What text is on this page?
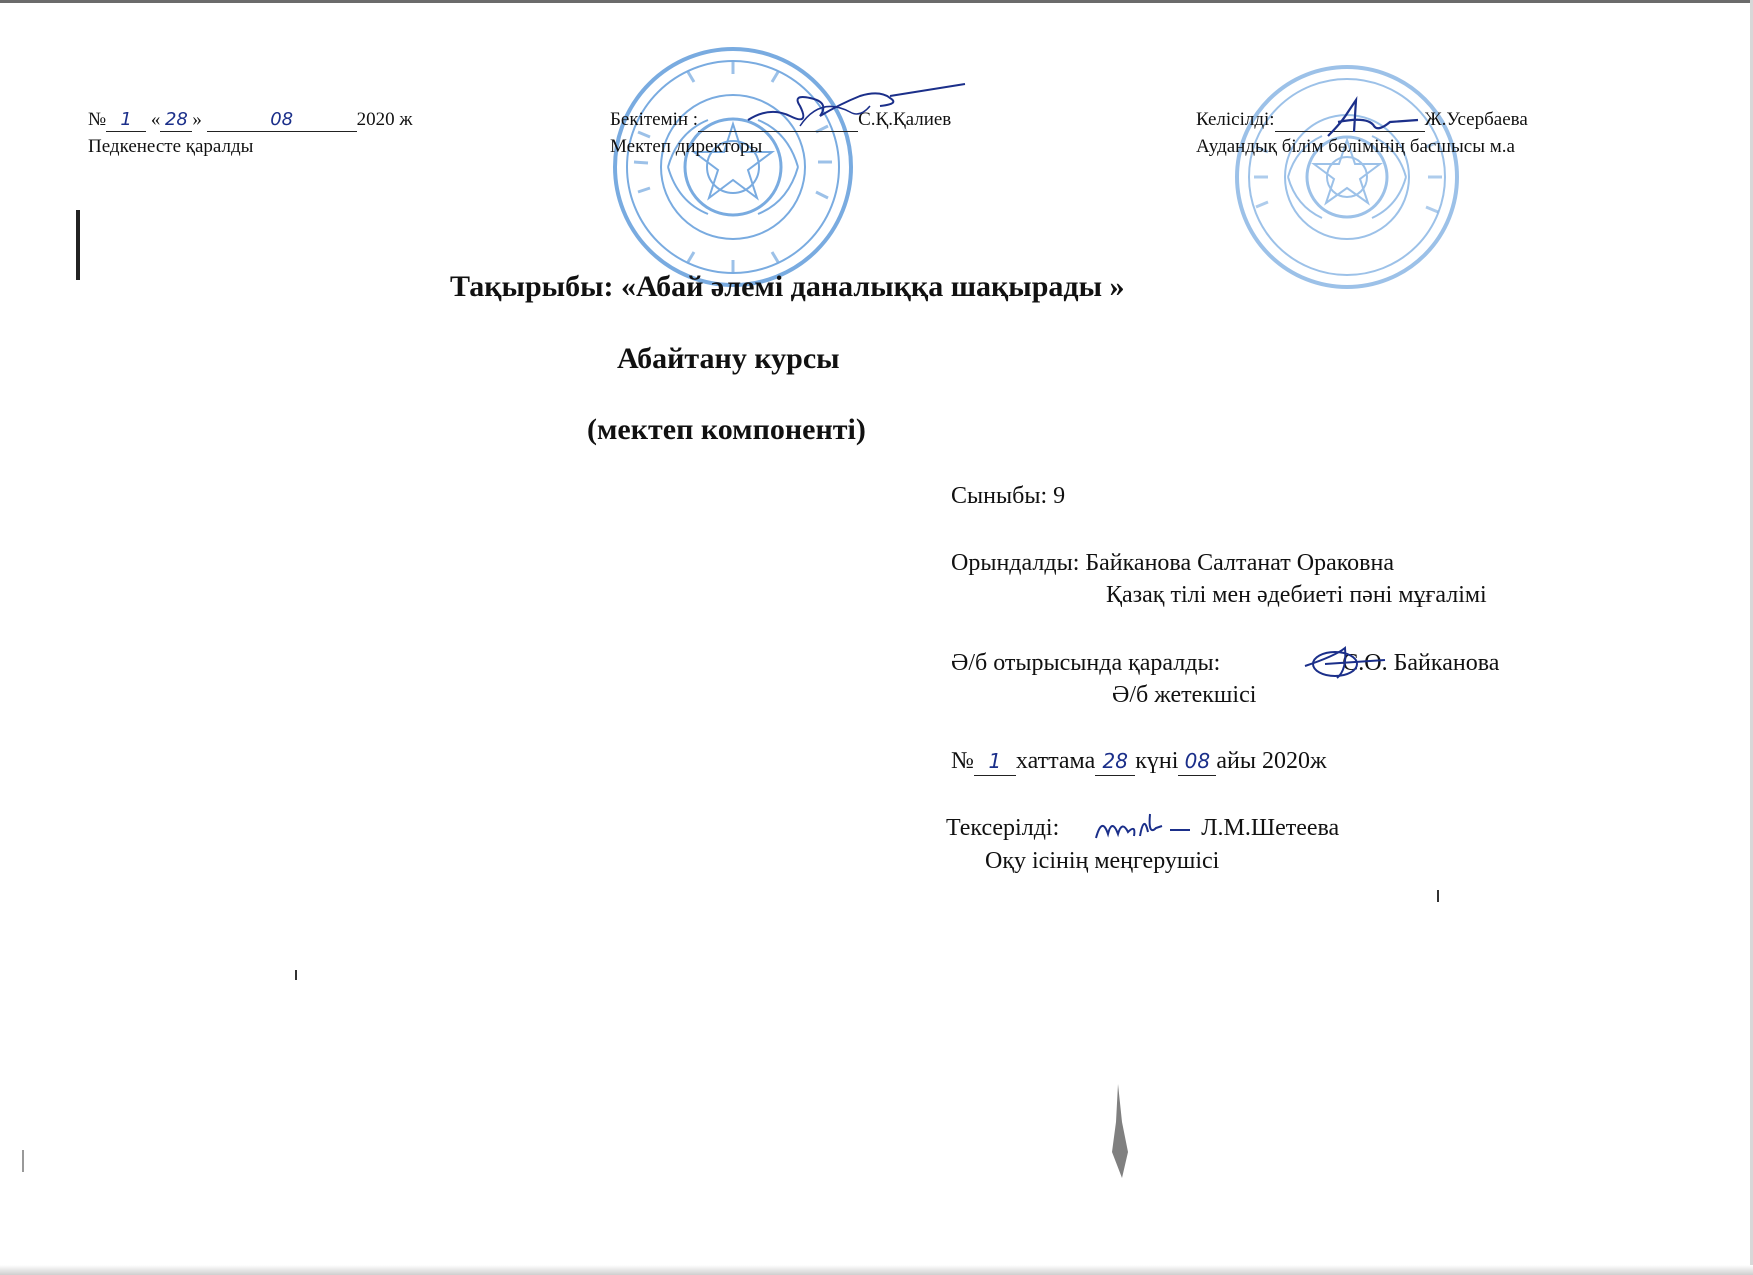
№ 1 « 28 »	08	2020 ж
Педкенесте қаралды
Бекітемін :	С.Қ.Қалиев
Мектеп директоры
Келісілді:	Ж.Усербаева
Аудандық білім бөлімінің басшысы м.а
Тақырыбы: «Абай әлемі даналыққа шақырады »
Абайтану курсы
(мектеп компоненті)
Сыныбы: 9
Орындалды: Байканова Салтанат Ораковна
Қазақ тілі мен әдебиеті пәні мұғалімі
Ә/б отырысында қаралды:	С.О. Байканова
Ә/б жетекшісі
№ 1 хаттама 28 күні 08 айы 2020ж
Тексерілді:	Л.М.Шетеева
Оқу ісінің меңгерушісі
